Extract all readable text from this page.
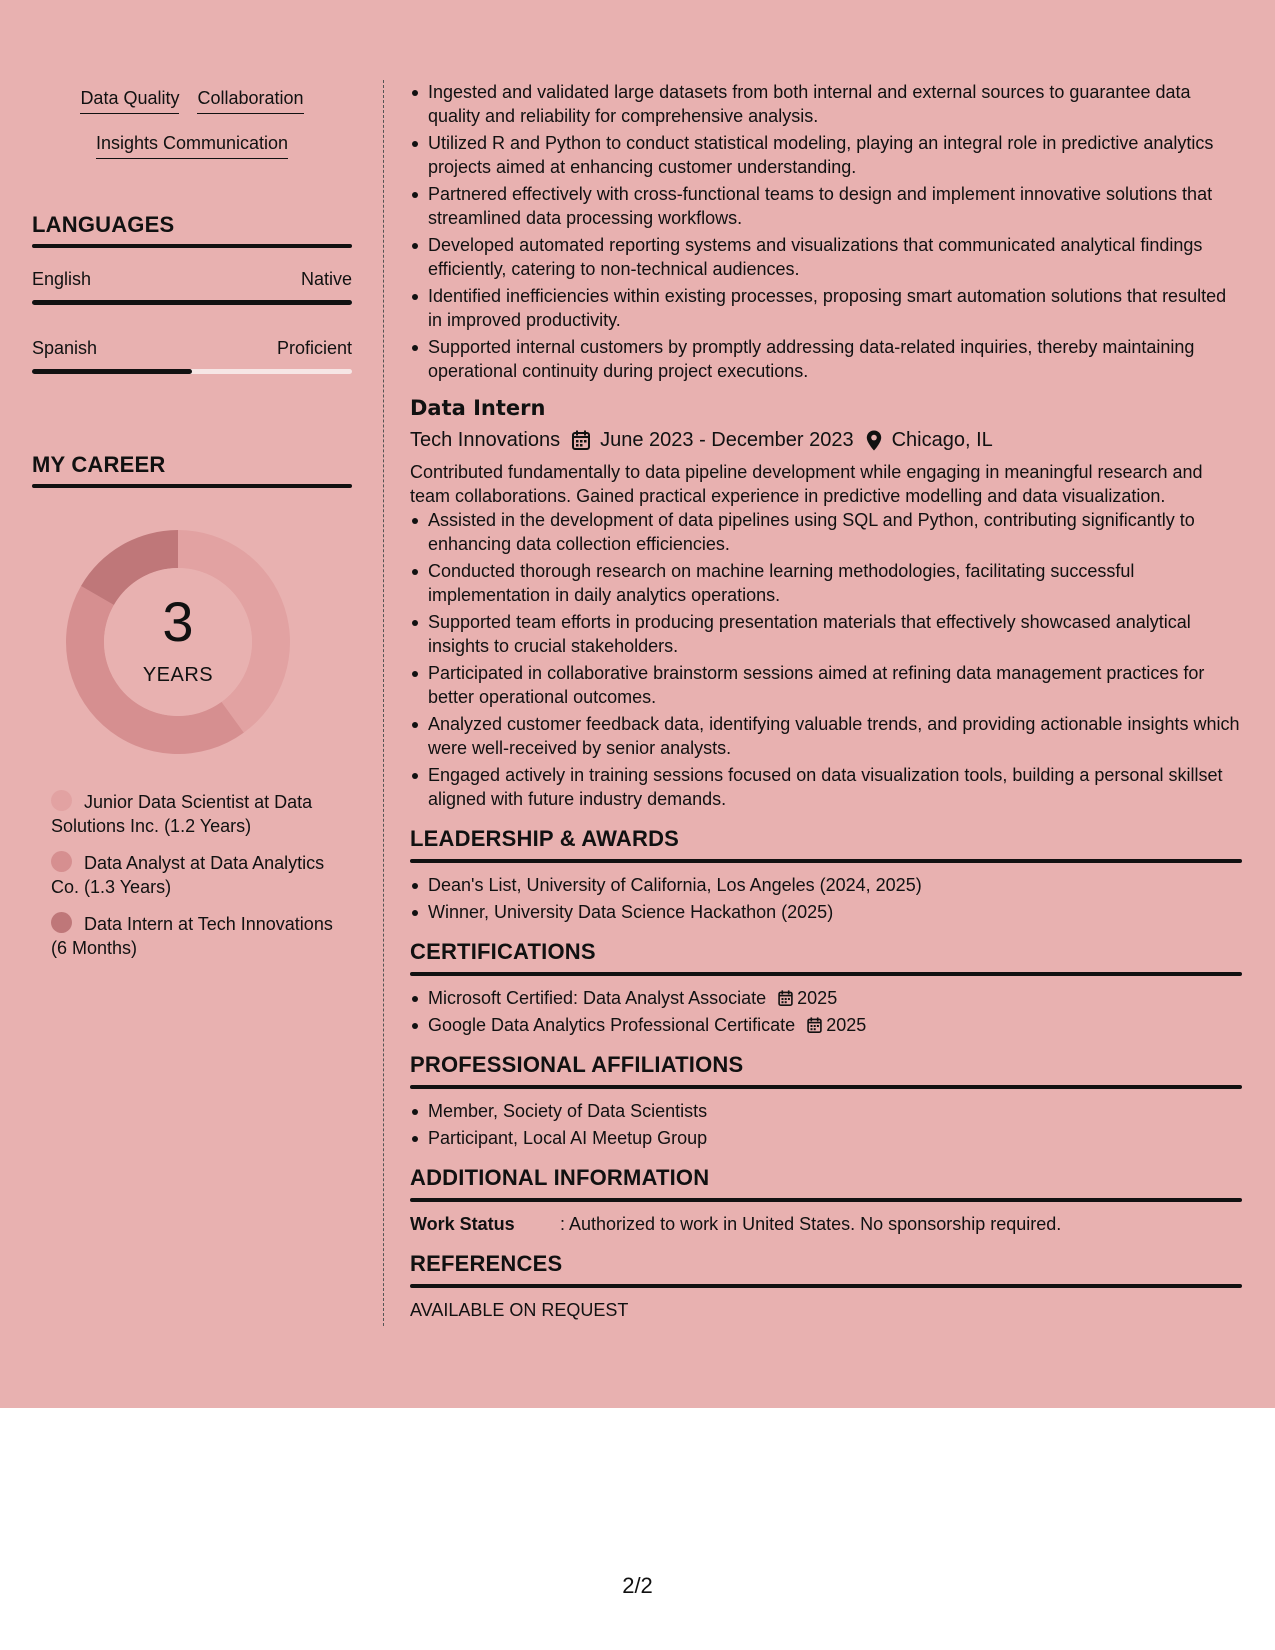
Data Quality Collaboration
Insights Communication
LANGUAGES
English	Native
Spanish	Proficient
MY CAREER
3
YEARS
Junior Data Scientist at Data Solutions Inc. (1.2 Years)
Data Analyst at Data Analytics Co. (1.3 Years)
Data Intern at Tech Innovations (6 Months)
Ingested and validated large datasets from both internal and external sources to guarantee data quality and reliability for comprehensive analysis.
Utilized R and Python to conduct statistical modeling, playing an integral role in predictive analytics projects aimed at enhancing customer understanding.
Partnered effectively with cross-functional teams to design and implement innovative solutions that streamlined data processing workflows.
Developed automated reporting systems and visualizations that communicated analytical findings efficiently, catering to non-technical audiences.
Identified inefficiencies within existing processes, proposing smart automation solutions that resulted in improved productivity.
Supported internal customers by promptly addressing data-related inquiries, thereby maintaining operational continuity during project executions.
Data Intern
Tech Innovations June 2023 - December 2023 Chicago, IL
Contributed fundamentally to data pipeline development while engaging in meaningful research and team collaborations. Gained practical experience in predictive modelling and data visualization.
Assisted in the development of data pipelines using SQL and Python, contributing significantly to enhancing data collection efficiencies.
Conducted thorough research on machine learning methodologies, facilitating successful implementation in daily analytics operations.
Supported team efforts in producing presentation materials that effectively showcased analytical insights to crucial stakeholders.
Participated in collaborative brainstorm sessions aimed at refining data management practices for better operational outcomes.
Analyzed customer feedback data, identifying valuable trends, and providing actionable insights which were well-received by senior analysts.
Engaged actively in training sessions focused on data visualization tools, building a personal skillset aligned with future industry demands.
LEADERSHIP & AWARDS
Dean's List, University of California, Los Angeles (2024, 2025)
Winner, University Data Science Hackathon (2025)
CERTIFICATIONS
Microsoft Certified: Data Analyst Associate 2025
Google Data Analytics Professional Certificate 2025
PROFESSIONAL AFFILIATIONS
Member, Society of Data Scientists
Participant, Local AI Meetup Group
ADDITIONAL INFORMATION
Work Status	: Authorized to work in United States. No sponsorship required.
REFERENCES
AVAILABLE ON REQUEST
2/2
